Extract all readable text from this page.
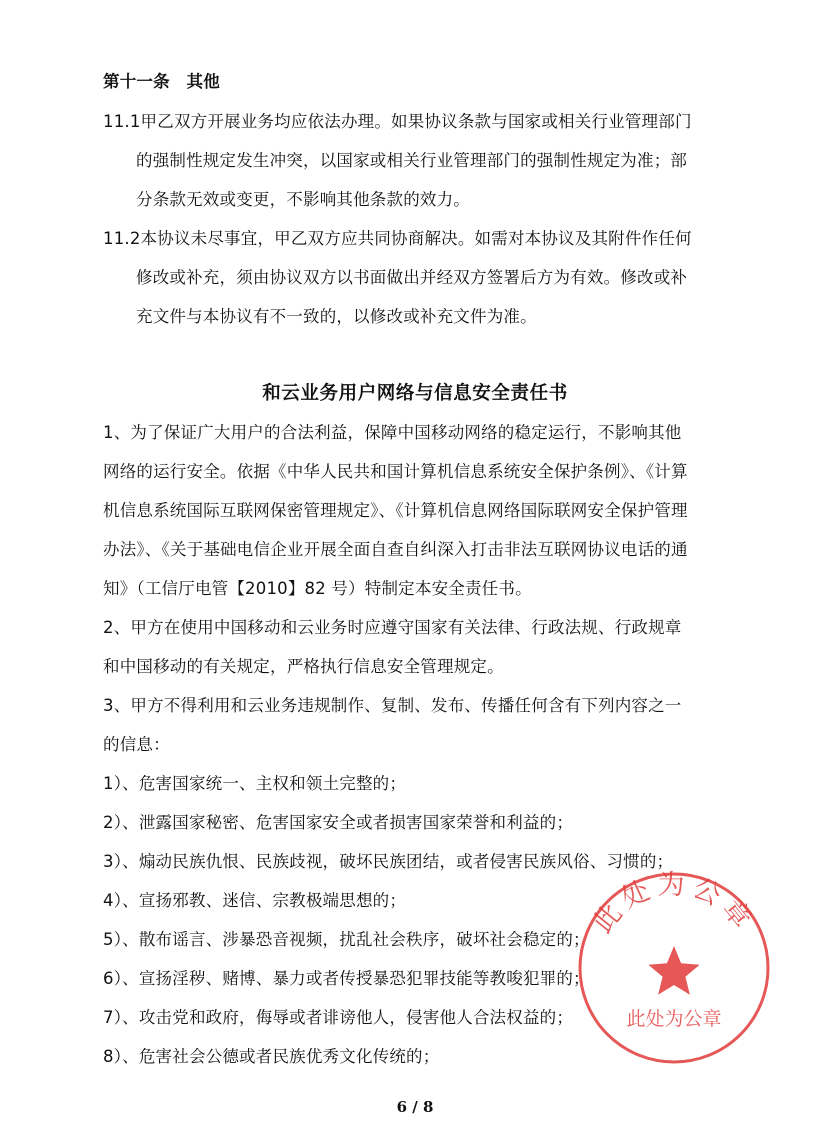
第十一条　其他
11.1甲乙双方开展业务均应依法办理。如果协议条款与国家或相关行业管理部门
的强制性规定发生冲突，以国家或相关行业管理部门的强制性规定为准；部
分条款无效或变更，不影响其他条款的效力。
11.2本协议未尽事宜，甲乙双方应共同协商解决。如需对本协议及其附件作任何
修改或补充，须由协议双方以书面做出并经双方签署后方为有效。修改或补
充文件与本协议有不一致的，以修改或补充文件为准。
和云业务用户网络与信息安全责任书
1、为了保证广大用户的合法利益，保障中国移动网络的稳定运行，不影响其他
网络的运行安全。依据《中华人民共和国计算机信息系统安全保护条例》、《计算
机信息系统国际互联网保密管理规定》、《计算机信息网络国际联网安全保护管理
办法》、《关于基础电信企业开展全面自查自纠深入打击非法互联网协议电话的通
知》（工信厅电管【2010】82 号）特制定本安全责任书。
2、甲方在使用中国移动和云业务时应遵守国家有关法律、行政法规、行政规章
和中国移动的有关规定，严格执行信息安全管理规定。
3、甲方不得利用和云业务违规制作、复制、发布、传播任何含有下列内容之一
的信息：
1）、危害国家统一、主权和领土完整的；
2）、泄露国家秘密、危害国家安全或者损害国家荣誉和利益的；
3）、煽动民族仇恨、民族歧视，破坏民族团结，或者侵害民族风俗、习惯的；
4）、宣扬邪教、迷信、宗教极端思想的；
5）、散布谣言、涉暴恐音视频，扰乱社会秩序，破坏社会稳定的；
6）、宣扬淫秽、赌博、暴力或者传授暴恐犯罪技能等教唆犯罪的；
7）、攻击党和政府，侮辱或者诽谤他人，侵害他人合法权益的；
8）、危害社会公德或者民族优秀文化传统的；
此处为公章
此处为公章
6 / 8
